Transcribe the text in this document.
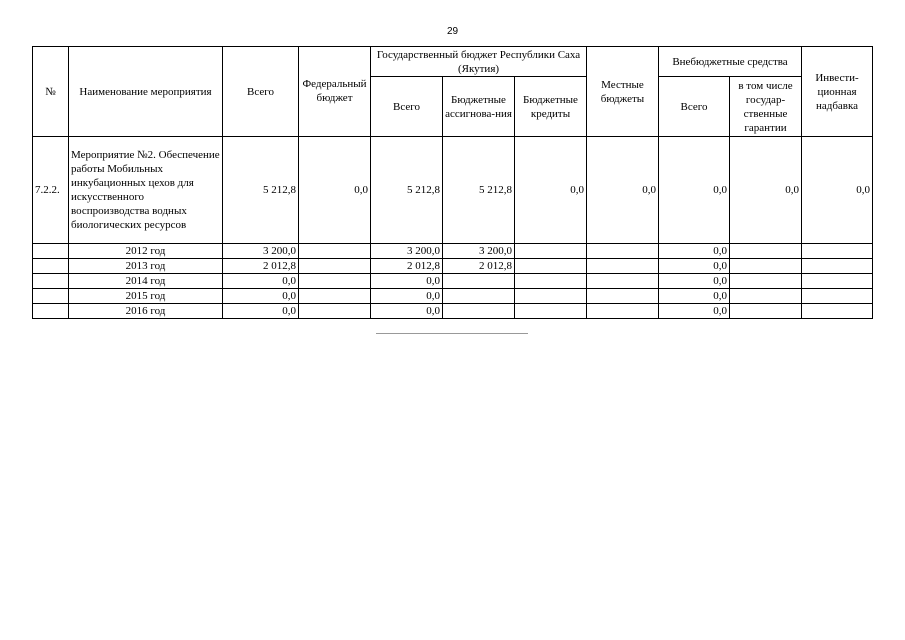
29
№	Наименование мероприятия	Всего	Федеральный бюджет	Государственный бюджет Республики Саха (Якутия)			Местные бюджеты	Внебюджетные средства		Инвести-ционная надбавка
				Всего	Бюджетные ассигнова-ния	Бюджетные кредиты		Всего	в том числе государ-ственные гарантии	
7.2.2.	Мероприятие №2. Обеспечение работы Мобильных инкубационных цехов для искусственного воспроизводства водных биологических ресурсов	5 212,8	0,0	5 212,8	5 212,8	0,0	0,0	0,0	0,0	0,0
	2012 год	3 200,0		3 200,0	3 200,0			0,0		
	2013 год	2 012,8		2 012,8	2 012,8			0,0		
	2014 год	0,0		0,0				0,0		
	2015 год	0,0		0,0				0,0		
	2016 год	0,0		0,0				0,0		
